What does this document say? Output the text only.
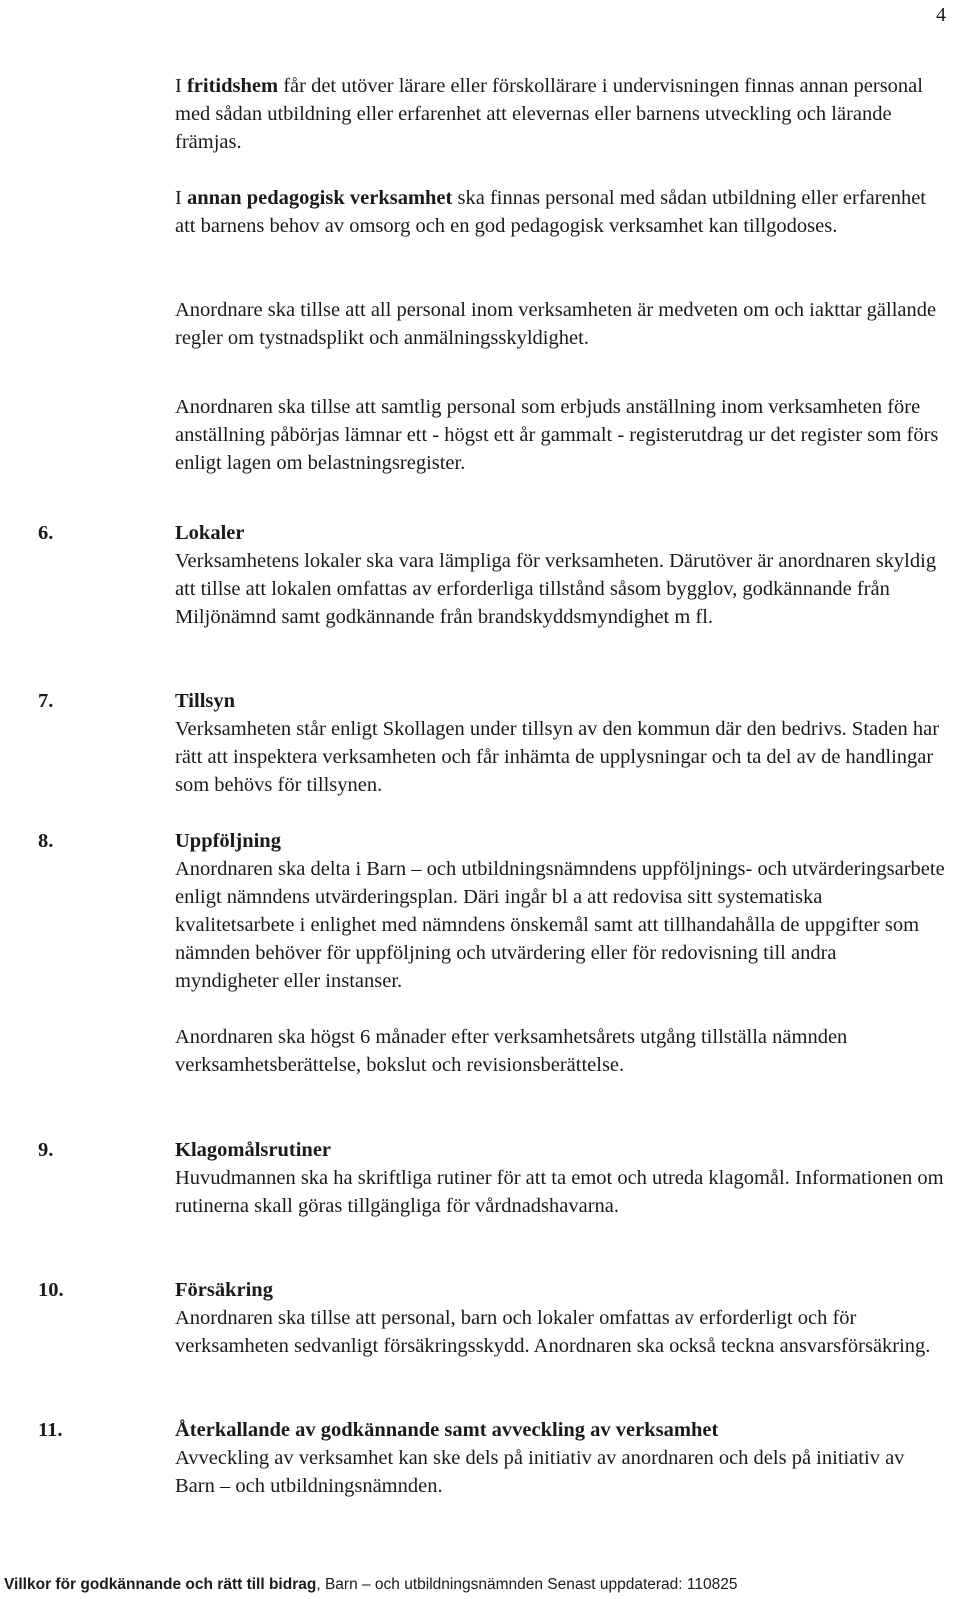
4
I fritidshem får det utöver lärare eller förskollärare i undervisningen finnas annan personal med sådan utbildning eller erfarenhet att elevernas eller barnens utveckling och lärande främjas.
I annan pedagogisk verksamhet ska finnas personal med sådan utbildning eller erfarenhet att barnens behov av omsorg och en god pedagogisk verksamhet kan tillgodoses.
Anordnare ska tillse att all personal inom verksamheten är medveten om och iakttar gällande regler om tystnadsplikt och anmälningsskyldighet.
Anordnaren ska tillse att samtlig personal som erbjuds anställning inom verksamheten före anställning påbörjas lämnar ett - högst ett år gammalt - registerutdrag ur det register som förs enligt lagen om belastningsregister.
6.	Lokaler
Verksamhetens lokaler ska vara lämpliga för verksamheten. Därutöver är anordnaren skyldig att tillse att lokalen omfattas av erforderliga tillstånd såsom bygglov, godkännande från Miljönämnd samt godkännande från brandskyddsmyndighet m fl.
7.	Tillsyn
Verksamheten står enligt Skollagen under tillsyn av den kommun där den bedrivs. Staden har rätt att inspektera verksamheten och får inhämta de upplysningar och ta del av de handlingar som behövs för tillsynen.
8.	Uppföljning
Anordnaren ska delta i Barn – och utbildningsnämndens uppföljnings- och utvärderingsarbete enligt nämndens utvärderingsplan. Däri ingår bl a att redovisa sitt systematiska kvalitetsarbete i enlighet med nämndens önskemål samt att tillhandahålla de uppgifter som nämnden behöver för uppföljning och utvärdering eller för redovisning till andra myndigheter eller instanser.
Anordnaren ska högst 6 månader efter verksamhetsårets utgång tillställa nämnden verksamhetsberättelse, bokslut och revisionsberättelse.
9.	Klagomålsrutiner
Huvudmannen ska ha skriftliga rutiner för att ta emot och utreda klagomål. Informationen om rutinerna skall göras tillgängliga för vårdnadshavarna.
10.	Försäkring
Anordnaren ska tillse att personal, barn och lokaler omfattas av erforderligt och för verksamheten sedvanligt försäkringsskydd. Anordnaren ska också teckna ansvarsförsäkring.
11.	Återkallande av godkännande samt avveckling av verksamhet
Avveckling av verksamhet kan ske dels på initiativ av anordnaren och dels på initiativ av Barn – och utbildningsnämnden.
Villkor för godkännande och rätt till bidrag, Barn – och utbildningsnämnden Senast uppdaterad: 110825
